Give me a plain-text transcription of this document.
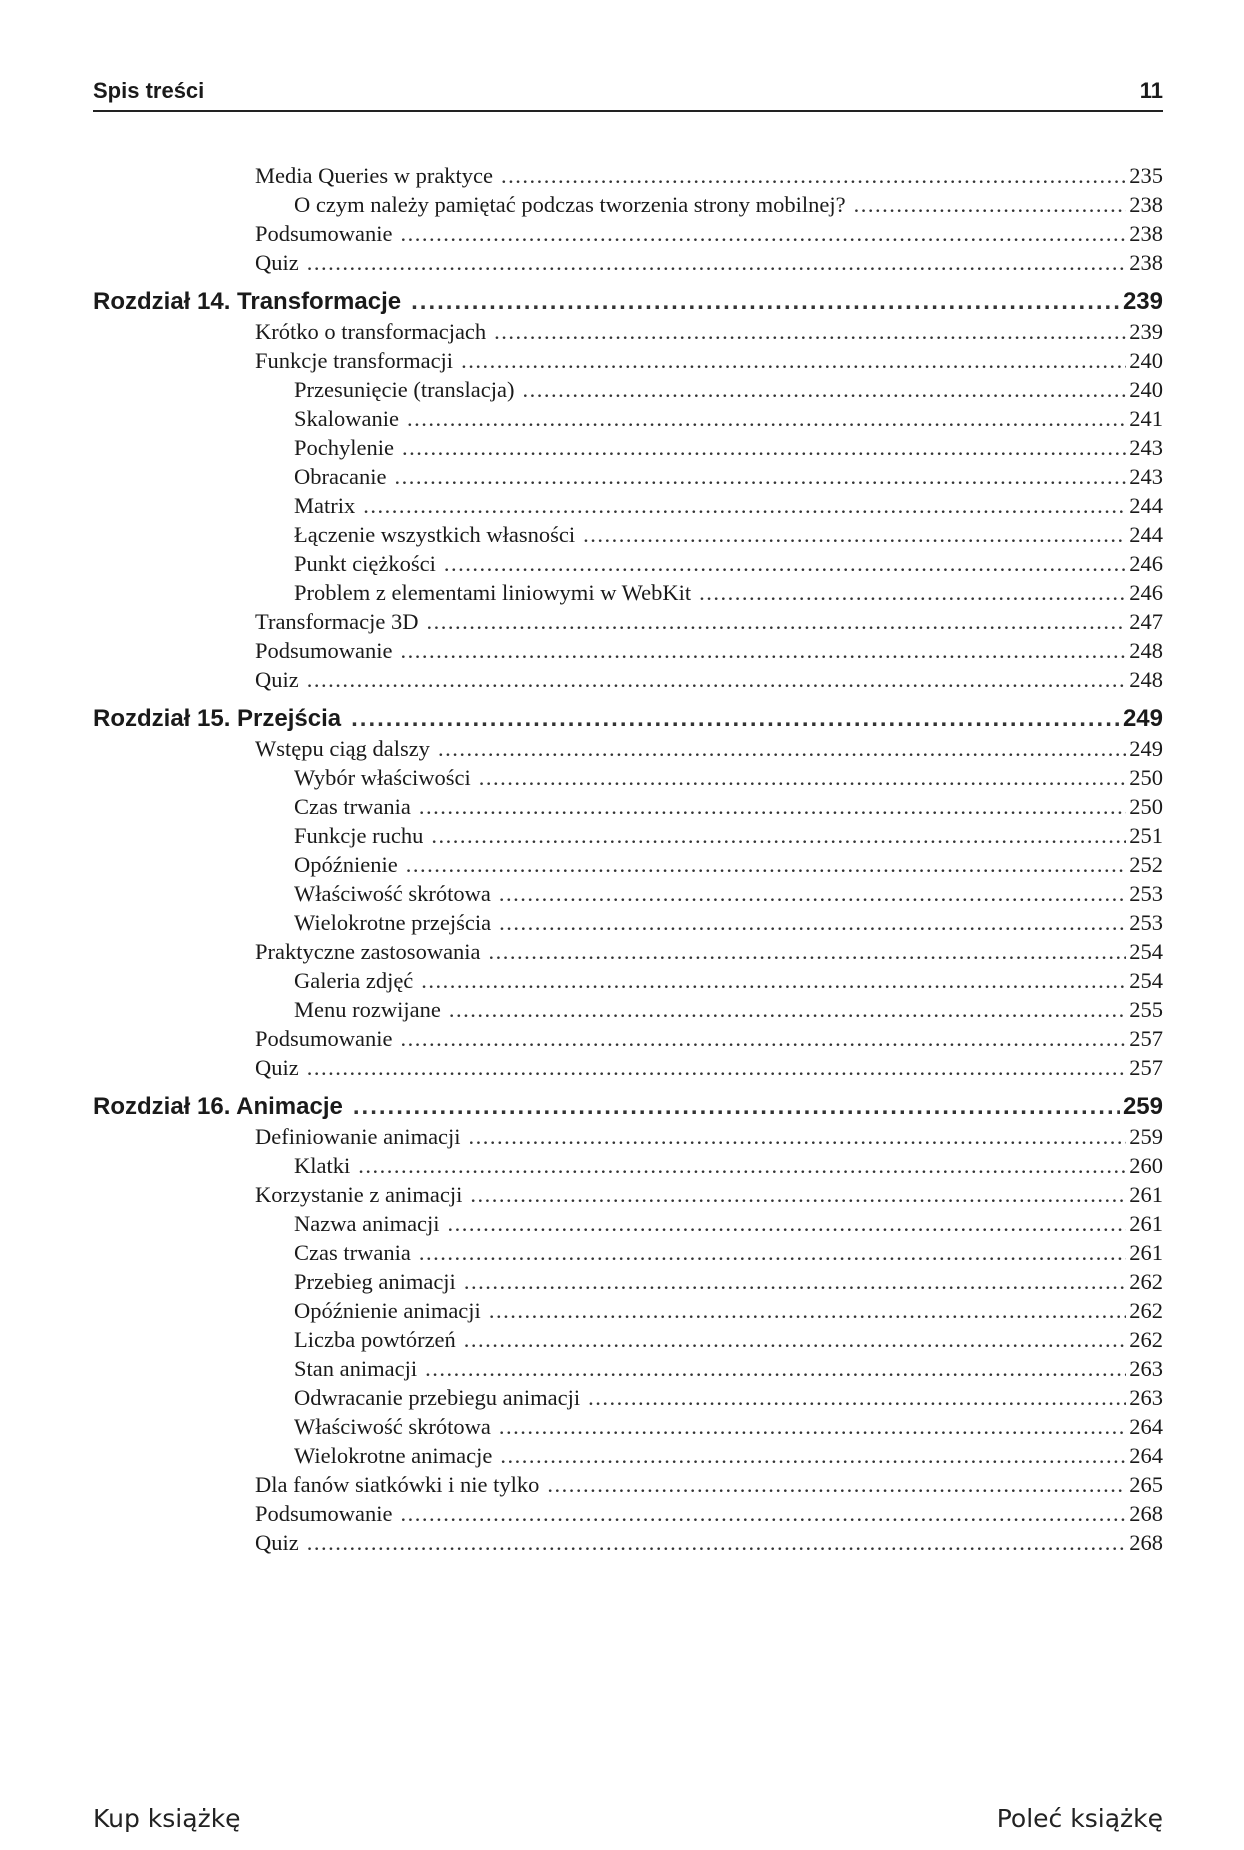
Spis treści	11
Media Queries w praktyce .....	235
O czym należy pamiętać podczas tworzenia strony mobilnej? .....	238
Podsumowanie .....	238
Quiz .....	238
Rozdział 14. Transformacje .....	239
Krótko o transformacjach .....	239
Funkcje transformacji .....	240
Przesunięcie (translacja) .....	240
Skalowanie .....	241
Pochylenie .....	243
Obracanie .....	243
Matrix .....	244
Łączenie wszystkich własności .....	244
Punkt ciężkości .....	246
Problem z elementami liniowymi w WebKit .....	246
Transformacje 3D .....	247
Podsumowanie .....	248
Quiz .....	248
Rozdział 15. Przejścia .....	249
Wstępu ciąg dalszy .....	249
Wybór właściwości .....	250
Czas trwania .....	250
Funkcje ruchu .....	251
Opóźnienie .....	252
Właściwość skrótowa .....	253
Wielokrotne przejścia .....	253
Praktyczne zastosowania .....	254
Galeria zdjęć .....	254
Menu rozwijane .....	255
Podsumowanie .....	257
Quiz .....	257
Rozdział 16. Animacje .....	259
Definiowanie animacji .....	259
Klatki .....	260
Korzystanie z animacji .....	261
Nazwa animacji .....	261
Czas trwania .....	261
Przebieg animacji .....	262
Opóźnienie animacji .....	262
Liczba powtórzeń .....	262
Stan animacji .....	263
Odwracanie przebiegu animacji .....	263
Właściwość skrótowa .....	264
Wielokrotne animacje .....	264
Dla fanów siatkówki i nie tylko .....	265
Podsumowanie .....	268
Quiz .....	268
Kup książkę	Poleć książkę
